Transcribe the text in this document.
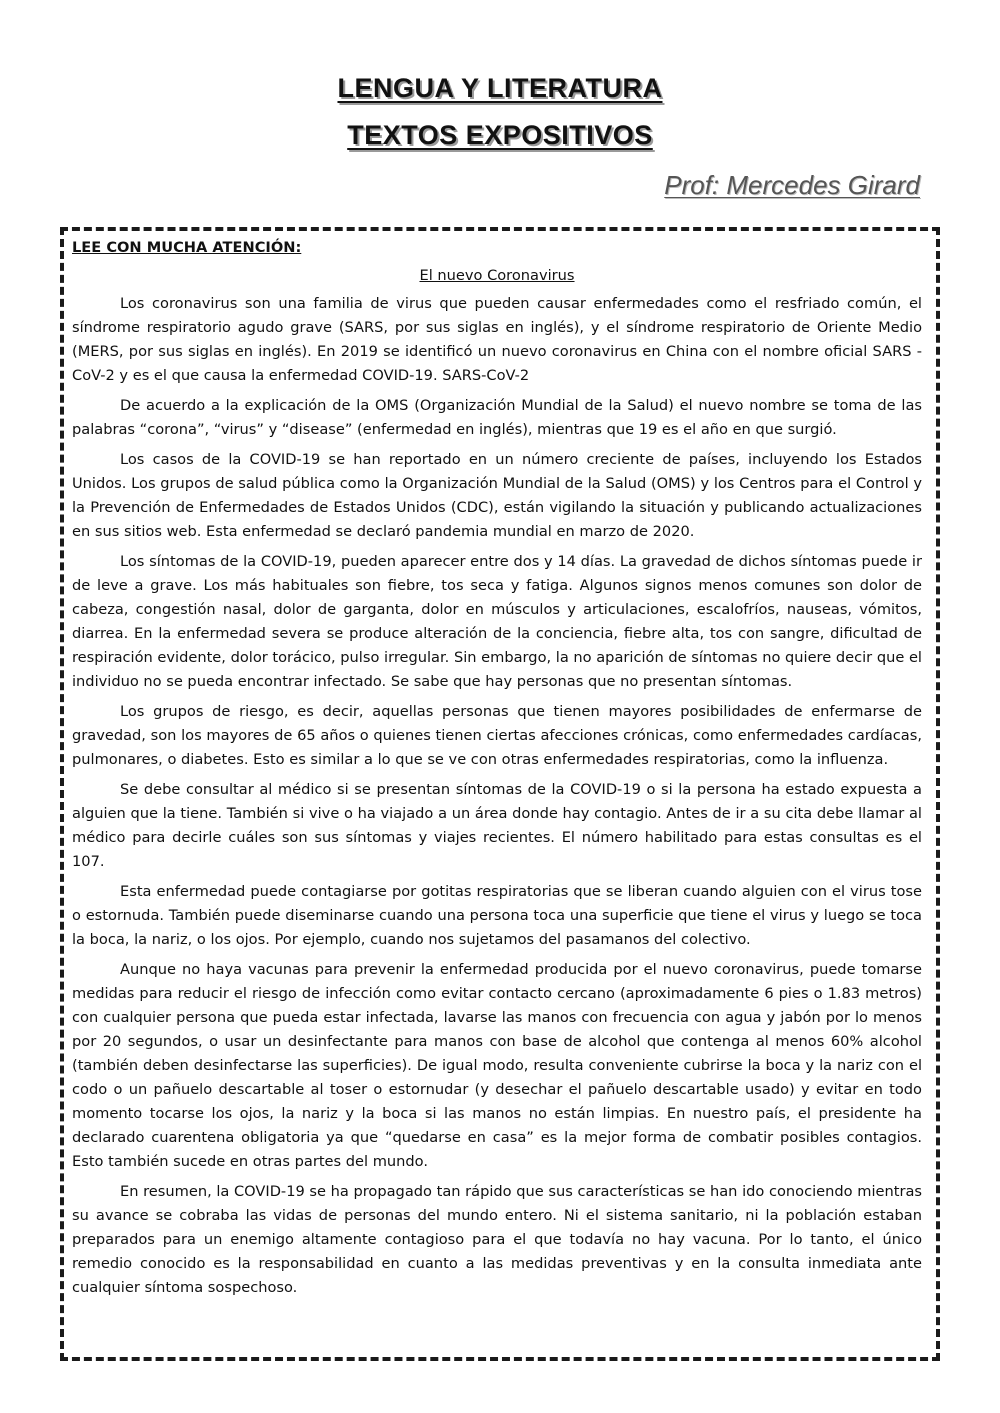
LENGUA Y LITERATURA
TEXTOS EXPOSITIVOS
Prof: Mercedes Girard
LEE CON MUCHA ATENCIÓN:
El nuevo Coronavirus

Los coronavirus son una familia de virus que pueden causar enfermedades como el resfriado común, el síndrome respiratorio agudo grave (SARS, por sus siglas en inglés), y el síndrome respiratorio de Oriente Medio (MERS, por sus siglas en inglés). En 2019 se identificó un nuevo coronavirus en China con el nombre oficial SARS -CoV-2 y es el que causa la enfermedad COVID-19. SARS-CoV-2

De acuerdo a la explicación de la OMS (Organización Mundial de la Salud) el nuevo nombre se toma de las palabras “corona”, “virus” y “disease” (enfermedad en inglés), mientras que 19 es el año en que surgió.

Los casos de la COVID-19 se han reportado en un número creciente de países, incluyendo los Estados Unidos. Los grupos de salud pública como la Organización Mundial de la Salud (OMS) y los Centros para el Control y la Prevención de Enfermedades de Estados Unidos (CDC), están vigilando la situación y publicando actualizaciones en sus sitios web. Esta enfermedad se declaró pandemia mundial en marzo de 2020.

Los síntomas de la COVID-19, pueden aparecer entre dos y 14 días. La gravedad de dichos síntomas puede ir de leve a grave. Los más habituales son fiebre, tos seca y fatiga. Algunos signos menos comunes son dolor de cabeza, congestión nasal, dolor de garganta, dolor en músculos y articulaciones, escalofríos, nauseas, vómitos, diarrea. En la enfermedad severa se produce alteración de la conciencia, fiebre alta, tos con sangre, dificultad de respiración evidente, dolor torácico, pulso irregular. Sin embargo, la no aparición de síntomas no quiere decir que el individuo no se pueda encontrar infectado. Se sabe que hay personas que no presentan síntomas.

Los grupos de riesgo, es decir, aquellas personas que tienen mayores posibilidades de enfermarse de gravedad, son los mayores de 65 años o quienes tienen ciertas afecciones crónicas, como enfermedades cardíacas, pulmonares, o diabetes. Esto es similar a lo que se ve con otras enfermedades respiratorias, como la influenza.

Se debe consultar al médico si se presentan síntomas de la COVID-19 o si la persona ha estado expuesta a alguien que la tiene. También si vive o ha viajado a un área donde hay contagio. Antes de ir a su cita debe llamar al médico para decirle cuáles son sus síntomas y viajes recientes. El número habilitado para estas consultas es el 107.

Esta enfermedad puede contagiarse por gotitas respiratorias que se liberan cuando alguien con el virus tose o estornuda. También puede diseminarse cuando una persona toca una superficie que tiene el virus y luego se toca la boca, la nariz, o los ojos. Por ejemplo, cuando nos sujetamos del pasamanos del colectivo.

Aunque no haya vacunas para prevenir la enfermedad producida por el nuevo coronavirus, puede tomarse medidas para reducir el riesgo de infección como evitar contacto cercano (aproximadamente 6 pies o 1.83 metros) con cualquier persona que pueda estar infectada, lavarse las manos con frecuencia con agua y jabón por lo menos por 20 segundos, o usar un desinfectante para manos con base de alcohol que contenga al menos 60% alcohol (también deben desinfectarse las superficies). De igual modo, resulta conveniente cubrirse la boca y la nariz con el codo o un pañuelo descartable al toser o estornudar (y desechar el pañuelo descartable usado) y evitar en todo momento tocarse los ojos, la nariz y la boca si las manos no están limpias. En nuestro país, el presidente ha declarado cuarentena obligatoria ya que “quedarse en casa” es la mejor forma de combatir posibles contagios. Esto también sucede en otras partes del mundo.

En resumen, la COVID-19 se ha propagado tan rápido que sus características se han ido conociendo mientras su avance se cobraba las vidas de personas del mundo entero. Ni el sistema sanitario, ni la población estaban preparados para un enemigo altamente contagioso para el que todavía no hay vacuna. Por lo tanto, el único remedio conocido es la responsabilidad en cuanto a las medidas preventivas y en la consulta inmediata ante cualquier síntoma sospechoso.
